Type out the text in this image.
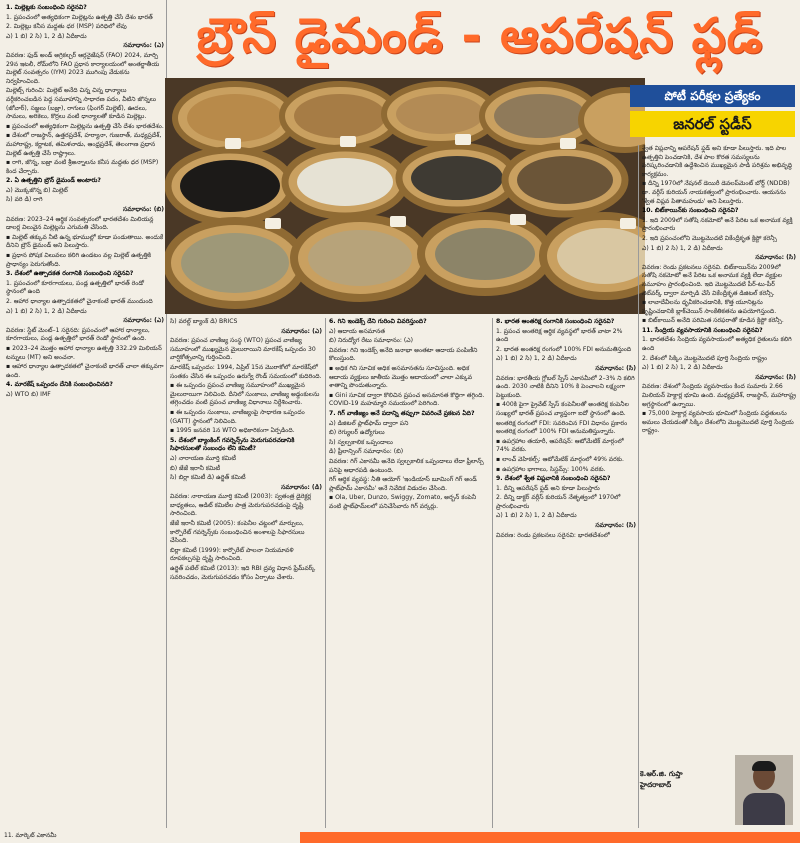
1. మిల్లెట్లకు సంబంధించి సరైనవి?

1. ప్రపంచంలో అత్యధికంగా మిల్లెట్లను ఉత్పత్తి చేసే దేశం భారత్

2. మిల్లెట్లు కనీస మద్దతు ధర (MSP) పరిధిలో లేవు

ఎ) 1 బి) 2 సి) 1, 2 డి) ఏదీకాదు

సమాధానం: (ఎ)

వివరణ: ఫుడ్ అండ్ అగ్రికల్చర్ ఆర్గనైజేషన్ (FAO) 2024, మార్చి 29న ఇటలీ, రోమ్‌లోని FAO ప్రధాన కార్యాలయంలో అంతర్జాతీయ మిల్లెట్ సంవత్సరం (IYM) 2023 ముగింపు వేడుకను నిర్వహించింది.

మిల్లెట్స్ గురించి: మిల్లెట్ అనేది చిన్న చిన్న ధాన్యాలు వర్గీకరించబడిన పెద్ద సమూహాన్ని సాధారణ పదం, వీటిని జొన్నలు (జోవార్), సజ్జలు (బజ్రా), రాగులు (ఫింగర్ మిల్లెట్), ఊదలు, సామలు, అరికెలు, కొర్రలు వంటి ధాన్యాలతో కూడిన మిల్లెట్లు.

▪ ప్రపంచంలో అత్యధికంగా మిల్లెట్లను ఉత్పత్తి చేసే దేశం భారతదేశం.

▪ దేశంలో రాజస్థాన్, ఉత్తరప్రదేశ్, హర్యానా, గుజరాత్, మధ్యప్రదేశ్, మహారాష్ట్ర, కర్ణాటక, తమిళనాడు, ఆంధ్రప్రదేశ్, తెలంగాణ ప్రధాన మిల్లెట్ ఉత్పత్తి చేసే రాష్ట్రాలు.

▪ రాగి, జొన్న, బజ్రా వంటి శ్రీఅన్నాలను కనీస మద్దతు ధర (MSP) కింద చేర్చారు.

2. ఏ ఉత్పత్తిని బ్రౌన్ డైమండ్ అంటారు?

ఎ) మొక్కజొన్న బి) మిల్లెట్

సి) వరి డి) రాగి

సమాధానం: (బి)

వివరణ: 2023–24 ఆర్థిక సంవత్సరంలో భారతదేశం మిలియన్ల డాలర్ల విలువైన మిల్లెట్లను ఎగుమతి చేసింది.

▪ మిల్లెట్ తక్కువ నీటి ఉన్న భూముల్లో కూడా పండుతాయి. అందుకే దీనిని బ్రౌన్ డైమండ్ అని పిలుస్తారు.

▪ ప్రధాన పోషక విలువలు కలిగి ఉండటం వల్ల మిల్లెట్ ఉత్పత్తికి ప్రాధాన్యం పెరుగుతోంది.

3. దేశంలో ఉత్పాదకత రంగానికి సంబంధించి సరైనవి?

1. ప్రపంచంలో కూరగాయలు, పండ్ల ఉత్పత్తిలో భారత్ రెండో స్థానంలో ఉంది

2. ఆహార ధాన్యాల ఉత్పాదకతలో చైనాకంటే భారత్ ముందుంది

ఎ) 1 బి) 2 సి) 1, 2 డి) ఏదీకాదు

సమాధానం: (ఎ)

వివరణ: స్టేట్ మెంట్–1 సరైనది: ప్రపంచంలో ఆహార ధాన్యాలు, కూరగాయలు, పండ్ల ఉత్పత్తిలో భారత్ రెండో స్థానంలో ఉంది.

▪ 2023–24 మొత్తం ఆహార ధాన్యాల ఉత్పత్తి 332.29 మిలియన్ టన్నులు (MT) అని అంచనా.

▪ ఆహార ధాన్యాల ఉత్పాదకతలో చైనాకంటే భారత్ చాలా తక్కువగా ఉంది.

4. మారకేష్ ఒప్పందం దేనికి సంబంధించినది?

ఎ) WTO బి) IMF

బ్రౌన్ డైమండ్ - ఆపరేషన్ ఫ్లడ్
పోటీ పరీక్షల ప్రత్యేకం
జనరల్ స్టడీస్

సి) వరల్డ్ బ్యాంక్ డి) BRICS

సమాధానం: (ఎ)

వివరణ: ప్రపంచ వాణిజ్య సంస్థ (WTO) ప్రపంచ వాణిజ్య సమూహంలో ముఖ్యమైన మైలురాయిని మారకేష్ ఒప్పందం 30 వార్షికోత్సవాన్ని గుర్తించింది.

మారకేష్ ఒప్పందం: 1994, ఏప్రిల్ 15న మొరాకోలో మారకేష్‌లో సంతకం చేసిన ఈ ఒప్పందం ఉరుగ్వే రౌండ్ సమయంలో కుదిరింది.

▪ ఈ ఒప్పందం ప్రపంచ వాణిజ్య సమూహంలో ముఖ్యమైన మైలురాయిగా నిలిచింది. దీనిలో సుంకాలు, వాణిజ్య అడ్డంకులను తగ్గించడం వంటి ప్రపంచ వాణిజ్య విధానాలు నిర్దేశించారు.

▪ ఈ ఒప్పందం సుంకాలు, వాణిజ్యంపై సాధారణ ఒప్పందం (GATT) స్థానంలో నిలిచింది.

▪ 1995 జనవరి 1న WTO అధికారికంగా ఏర్పడింది.

5. దేశంలో బ్యాంకింగ్ గవర్నెన్స్‌ను మెరుగుపరచడానికి సిఫారసులతో సంబంధం లేని కమిటీ?

ఎ) నారాయణ మూర్తి కమిటీ

బి) జేజే ఇరానీ కమిటీ

సి) బిర్లా కమిటీ డి) ఉర్జిత్ కమిటీ

సమాధానం: (డి)

వివరణ: నారాయణ మూర్తి కమిటీ (2003): స్వతంత్ర డైరెక్టర్ల బాధ్యతలు, ఆడిట్ కమిటీల పాత్ర మెరుగుపరచడంపై దృష్టి సారించింది.

జేజే ఇరానీ కమిటీ (2005): కంపెనీల చట్టంలో మార్పులు, కార్పొరేట్ గవర్నెన్స్‌కు సంబంధించిన అంశాలపై సిఫారసులు చేసింది.

బిర్లా కమిటీ (1999): కార్పొరేట్ పాలనా నియమావళి రూపకల్పనపై దృష్టి సారించింది.

ఉర్జిత్ పటేల్ కమిటీ (2013): ఇది RBI ద్రవ్య విధాన ఫ్రేమ్‌వర్క్ సవరించడం, మెరుగుపరచడం కోసం ఏర్పాటు చేశారు.

6. గిని ఇండెక్స్ దేని గురించి వివరిస్తుంది?

ఎ) ఆదాయ అసమానత

బి) నిరుద్యోగ రేటు సమాధానం: (ఎ)

వివరణ: గిని ఇండెక్స్ అనేది జనాభా అంతటా ఆదాయ పంపిణీని కొలుస్తుంది.

▪ అధిక గిని సూచిక అధిక అసమానతను సూచిస్తుంది. అధిక ఆదాయ వ్యక్తులు జాతీయ మొత్తం ఆదాయంలో చాలా ఎక్కువ శాతాన్ని పొందుతున్నారు.

▪ Gini సూచిక ద్వారా కొలిచిన ప్రపంచ అసమానత కొద్దిగా తగ్గింది. COVID-19 మహమ్మారి సమయంలో పెరిగింది.

7. గిగ్ వాణిజ్యం అనే పదాన్ని తప్పుగా వివరించే ప్రకటన ఏది?

ఎ) డిజిటల్ ప్లాట్‌ఫామ్ ద్వారా పని

బి) రెగ్యులర్ ఉద్యోగులు

సి) స్వల్పకాలిక ఒప్పందాలు

డి) ఫ్రీలాన్సింగ్ సమాధానం: (బి)

వివరణ: గిగ్ ఎకానమీ అనేది స్వల్పకాలిక ఒప్పందాలు లేదా ఫ్రీలాన్స్ పనిపై ఆధారపడి ఉంటుంది.

గిగ్ ఆర్థిక వ్యవస్థ: నీతి ఆయోగ్ 'ఇండియాస్ బూమింగ్ గిగ్ అండ్ ప్లాట్‌ఫామ్ ఎకానమీ' అనే నివేదిక విడుదల చేసింది.

▪ Ola, Uber, Dunzo, Swiggy, Zomato, అర్బన్ కంపెనీ వంటి ప్లాట్‌ఫామ్‌లలో పనిచేసేవారు గిగ్ వర్కర్లు.

8. భారత ఆంతరిక్ష రంగానికి సంబంధించి సరైనవి?

1. ప్రపంచ అంతరిక్ష ఆర్థిక వ్యవస్థలో భారత్ వాటా 2% ఉంది

2. భారత అంతరిక్ష రంగంలో 100% FDI అనుమతిస్తుంది

ఎ) 1 బి) 2 సి) 1, 2 డి) ఏదీకాదు

సమాధానం: (సి)

వివరణ: భారతీయ గ్లోబల్ స్పేస్ ఎకానమీలో 2–3% ని కలిగి ఉంది. 2030 నాటికి దీనిని 10% కి పెంచాలని లక్ష్యంగా పెట్టుకుంది.

▪ 400కి పైగా ప్రైవేట్ స్పేస్ కంపెనీలతో అంతరిక్ష కంపెనీల సంఖ్యలో భారత్ ప్రపంచ వ్యాప్తంగా ఐదో స్థానంలో ఉంది.

అంతరిక్ష రంగంలో FDI: సవరించిన FDI విధానం ప్రకారం అంతరిక్ష రంగంలో 100% FDI అనుమతిస్తున్నారు.

▪ ఉపగ్రహాల తయారీ, ఆపరేషన్: ఆటోమేటిక్ మార్గంలో 74% వరకు.

▪ లాంచ్ వెహికల్స్: ఆటోమేటిక్ మార్గంలో 49% వరకు.

▪ ఉపగ్రహాల భాగాలు, సిస్టమ్స్: 100% వరకు.

9. దేశంలో శ్వేత విప్లవానికి సంబంధించి సరైనవి?

1. దీన్ని ఆపరేషన్ ఫ్లడ్ అని కూడా పిలుస్తారు

2. దీన్ని డాక్టర్ వర్గీస్ కురియన్ నేతృత్వంలో 1970లో ప్రారంభించారు

ఎ) 1 బి) 2 సి) 1, 2 డి) ఏదీకాదు

సమాధానం: (సి)

వివరణ: రెండు ప్రకటనలు సరైనవి: భారతదేశంలో

శ్వేత విప్లవాన్ని ఆపరేషన్ ఫ్లడ్ అని కూడా పిలుస్తారు. ఇది పాల ఉత్పత్తిని పెంచడానికి, దేశ పాల కొరత సమస్యలను పరిష్కరించడానికి ఉద్దేశించిన ముఖ్యమైన పాడి పరిశ్రమ అభివృద్ధి కార్యక్రమం.

▪ దీన్ని 1970లో నేషనల్ డెయిరీ డెవలప్‌మెంట్ బోర్డ్ (NDDB) డా. వర్గీస్ కురియన్ నాయకత్వంలో ప్రారంభించారు. ఆయనను 'శ్వేత విప్లవ పితామహుడు' అని పిలుస్తారు.

10. బిట్‌కాయిన్‌కు సంబంధించి సరైనవి?

1. ఇది 2009లో సతోషి నకమోటో అనే పేరిట ఒక అనామక వ్యక్తి ప్రారంభించారు

2. ఇది ప్రపంచంలోని మొట్టమొదటి వికేంద్రీకృత క్రిప్టో కరెన్సీ

ఎ) 1 బి) 2 సి) 1, 2 డి) ఏదీకాదు

సమాధానం: (సి)

వివరణ: రెండు ప్రకటనలు సరైనవి. బిట్‌కాయిన్‌ను 2009లో సతోషి నకమోటో అనే పేరిట ఒక అనామక వ్యక్తి లేదా వ్యక్తుల సమూహం ప్రారంభించింది. ఇది మొట్టమొదటి పీర్-టు-పీర్ నెట్‌వర్క్ ద్వారా మార్పిడి చేసే వికేంద్రీకృత డిజిటల్ కరెన్సీ.

▪ లావాదేవీలను ధృవీకరించడానికి, కొత్త యూనిట్లను సృష్టించడానికి బ్లాక్‌చెయిన్ సాంకేతికతను ఉపయోగిస్తుంది.

▪ బిట్‌కాయిన్ అనేది పరిమిత సరఫరాతో కూడిన క్రిప్టో కరెన్సీ.

11. సేంద్రియ వ్యవసాయానికి సంబంధించి సరైనవి?

1. భారతదేశం సేంద్రియ వ్యవసాయంలో అత్యధిక రైతులను కలిగి ఉంది

2. దేశంలో సిక్కిం మొట్టమొదటి పూర్తి సేంద్రియ రాష్ట్రం

ఎ) 1 బి) 2 సి) 1, 2 డి) ఏదీకాదు

సమాధానం: (సి)

వివరణ: దేశంలో సేంద్రియ వ్యవసాయం కింద సుమారు 2.66 మిలియన్ హెక్టార్ల భూమి ఉంది. మధ్యప్రదేశ్, రాజస్థాన్, మహారాష్ట్ర అగ్రస్థానంలో ఉన్నాయి.

▪ 75,000 హెక్టార్ల వ్యవసాయ భూమిలో సేంద్రియ పద్ధతులను అమలు చేయడంతో సిక్కిం దేశంలోని మొట్టమొదటి పూర్తి సేంద్రియ రాష్ట్రం.

కె.ఆర్.జి. గుప్తా
హైదరాబాద్
11. మార్కెట్ ఎకానమీ
